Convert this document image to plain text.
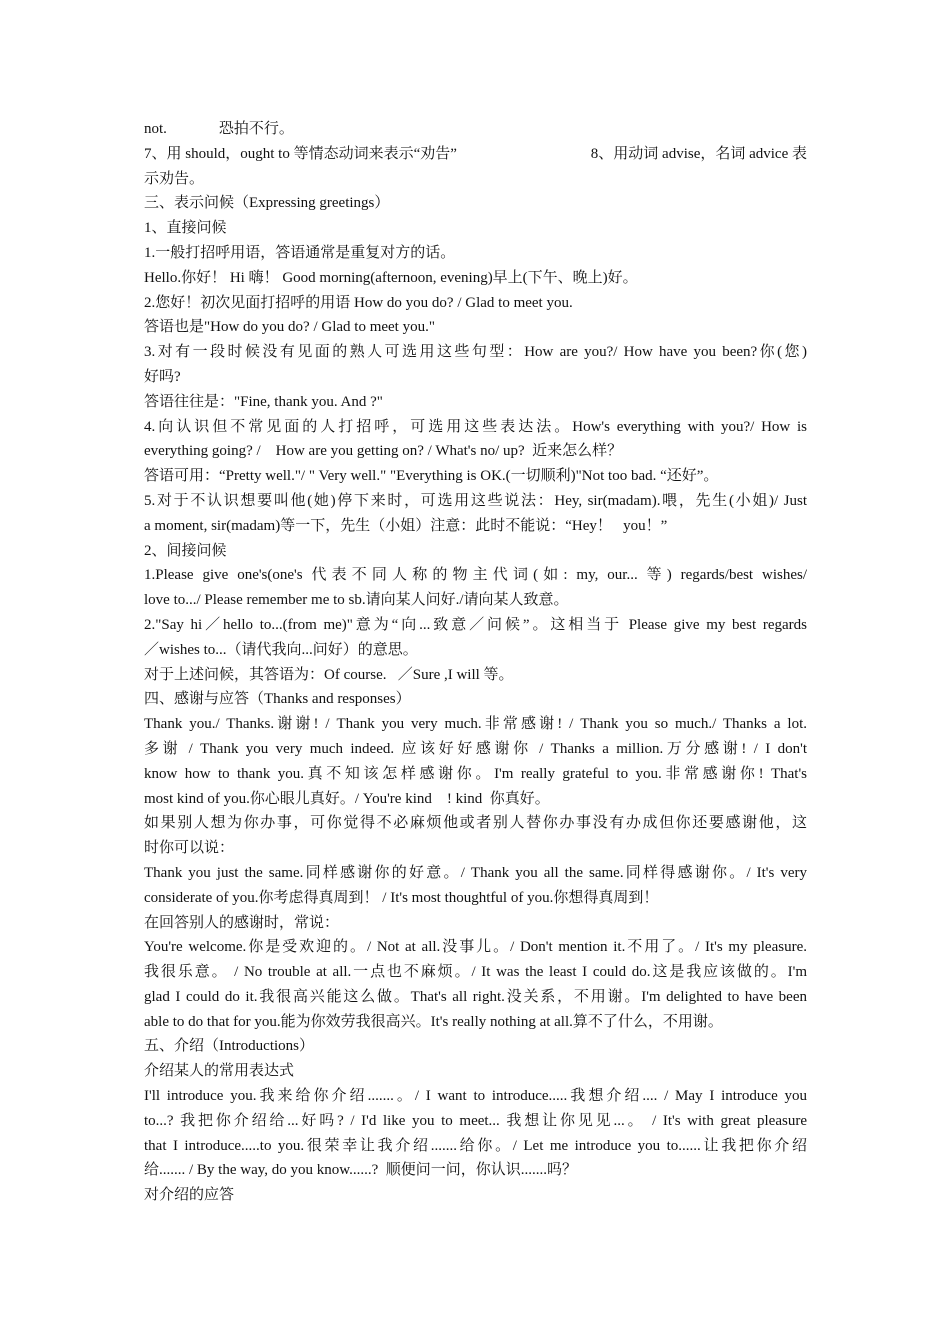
not.	恐拍不行。
7、用 should，ought to 等情态动词来表示“劝告”	8、用动词 advise，名词 advice 表
示劝告。
三、表示问候（Expressing greetings）
1、直接问候
1.一般打招呼用语，答语通常是重复对方的话。
Hello.你好！ Hi 嗨！ Good morning(afternoon, evening)早上(下午、晚上)好。
2.您好！初次见面打招呼的用语 How do you do? / Glad to meet you.
答语也是"How do you do? / Glad to meet you."
3.对有一段时候没有见面的熟人可选用这些句型：How are you?/ How have you been?你(您)
好吗?
答语往往是："Fine, thank you. And ?"
4.向认识但不常见面的人打招呼，可选用这些表达法。How's everything with you?/ How is
everything going? /    How are you getting on? / What's no/ up?  近来怎么样？
答语可用：“Pretty well."/ " Very well." "Everything is OK.(一切顺利)"Not too bad. “还好”。
5.对于不认识想要叫他(她)停下来时，可选用这些说法：Hey, sir(madam).喂，先生(小姐)/ Just
a moment, sir(madam)等一下，先生（小姐）注意：此时不能说：“Hey！   you！”
2、间接问候
1.Please give one's(one's 代表不同人称的物主代词(如: my, our... 等) regards/best wishes/
love to.../ Please remember me to sb.请向某人问好./请向某人致意。
2."Say hi／hello to...(from me)"意为“向...致意／问候”。这相当于 Please give my best regards
／wishes to...（请代我向...问好）的意思。
对于上述问候，其答语为：Of course.   ／Sure ,I will 等。
四、感谢与应答（Thanks and responses）
Thank you./ Thanks.谢谢! / Thank you very much.非常感谢! / Thank you so much./ Thanks a lot.
多谢 / Thank you very much indeed. 应该好好感谢你 / Thanks a million.万分感谢! / I don't
know how to thank you.真不知该怎样感谢你。I'm really grateful to you.非常感谢你! That's
most kind of you.你心眼儿真好。/ You're kind    ! kind  你真好。
如果别人想为你办事，可你觉得不必麻烦他或者别人替你办事没有办成但你还要感谢他，这
时你可以说：
Thank you just the same.同样感谢你的好意。/ Thank you all the same.同样得感谢你。/ It's very
considerate of you.你考虑得真周到！ / It's most thoughtful of you.你想得真周到！
在回答别人的感谢时，常说：
You're welcome.你是受欢迎的。/ Not at all.没事儿。/ Don't mention it.不用了。/ It's my pleasure.
我很乐意。 / No trouble at all.一点也不麻烦。/ It was the least I could do.这是我应该做的。I'm
glad I could do it.我很高兴能这么做。That's all right.没关系，不用谢。I'm delighted to have been
able to do that for you.能为你效劳我很高兴。It's really nothing at all.算不了什么，不用谢。
五、介绍（Introductions）
介绍某人的常用表达式
I'll introduce you.我来给你介绍.......。/ I want to introduce.....我想介绍.... / May I introduce you
to...? 我把你介绍给...好吗? / I'd like you to meet... 我想让你见见...。 / It's with great pleasure
that I introduce.....to you.很荣幸让我介绍.......给你。/ Let me introduce you to......让我把你介绍
给....... / By the way, do you know......?  顺便问一问，你认识.......吗？
对介绍的应答
